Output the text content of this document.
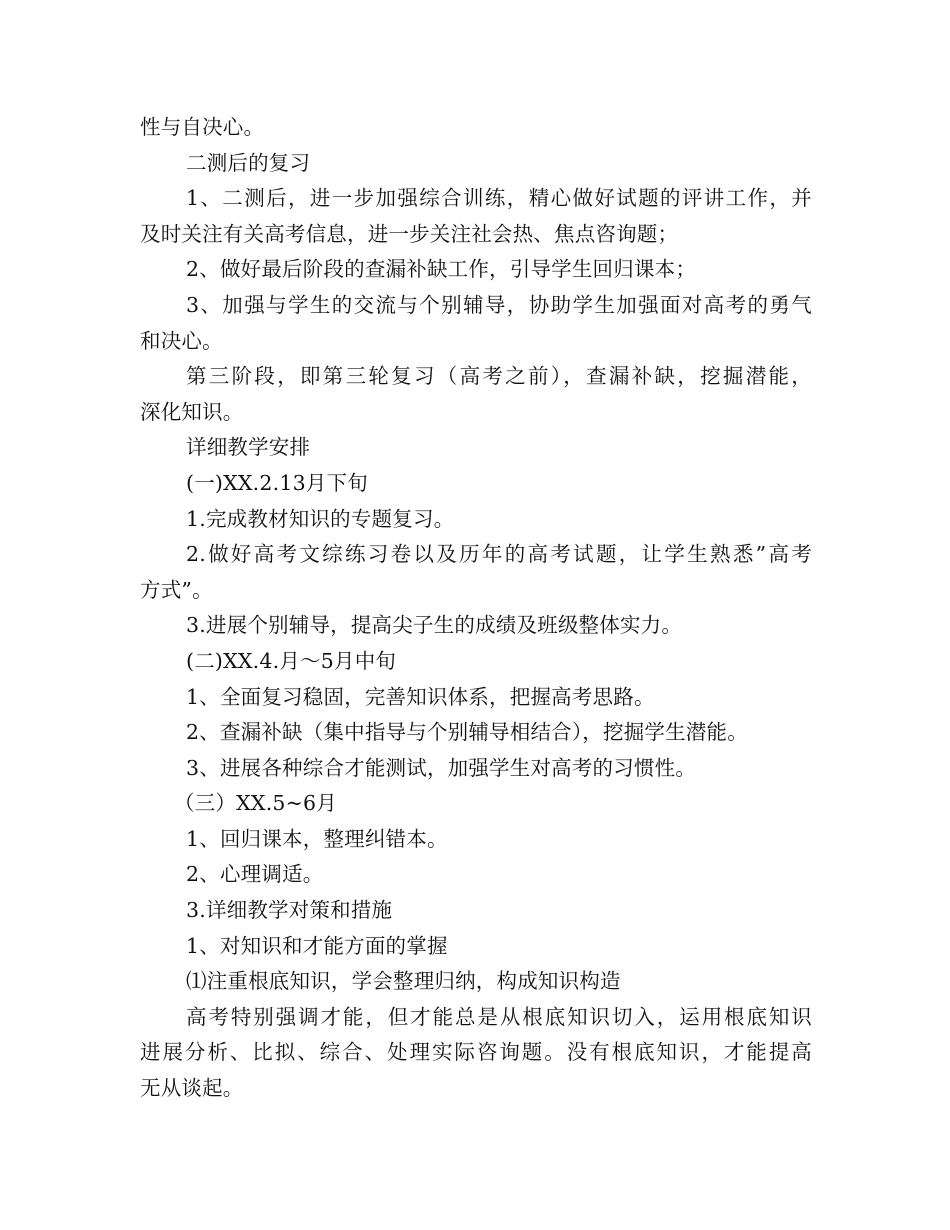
性与自决心。

二测后的复习

1、二测后，进一步加强综合训练，精心做好试题的评讲工作，并

及时关注有关高考信息，进一步关注社会热、焦点咨询题；

2、做好最后阶段的查漏补缺工作，引导学生回归课本；

3、加强与学生的交流与个别辅导，协助学生加强面对高考的勇气

和决心。

第三阶段，即第三轮复习（高考之前），查漏补缺，挖掘潜能，

深化知识。

详细教学安排

(一)XX.2.13月下旬

1.完成教材知识的专题复习。

2.做好高考文综练习卷以及历年的高考试题，让学生熟悉”高考

方式”。

3.进展个别辅导，提高尖子生的成绩及班级整体实力。

(二)XX.4.月～5月中旬

1、全面复习稳固，完善知识体系，把握高考思路。

2、查漏补缺（集中指导与个别辅导相结合），挖掘学生潜能。

3、进展各种综合才能测试，加强学生对高考的习惯性。

（三）XX.5~6月

1、回归课本，整理纠错本。

2、心理调适。

3.详细教学对策和措施

1、对知识和才能方面的掌握

⑴注重根底知识，学会整理归纳，构成知识构造

高考特别强调才能，但才能总是从根底知识切入，运用根底知识

进展分析、比拟、综合、处理实际咨询题。没有根底知识，才能提高

无从谈起。
